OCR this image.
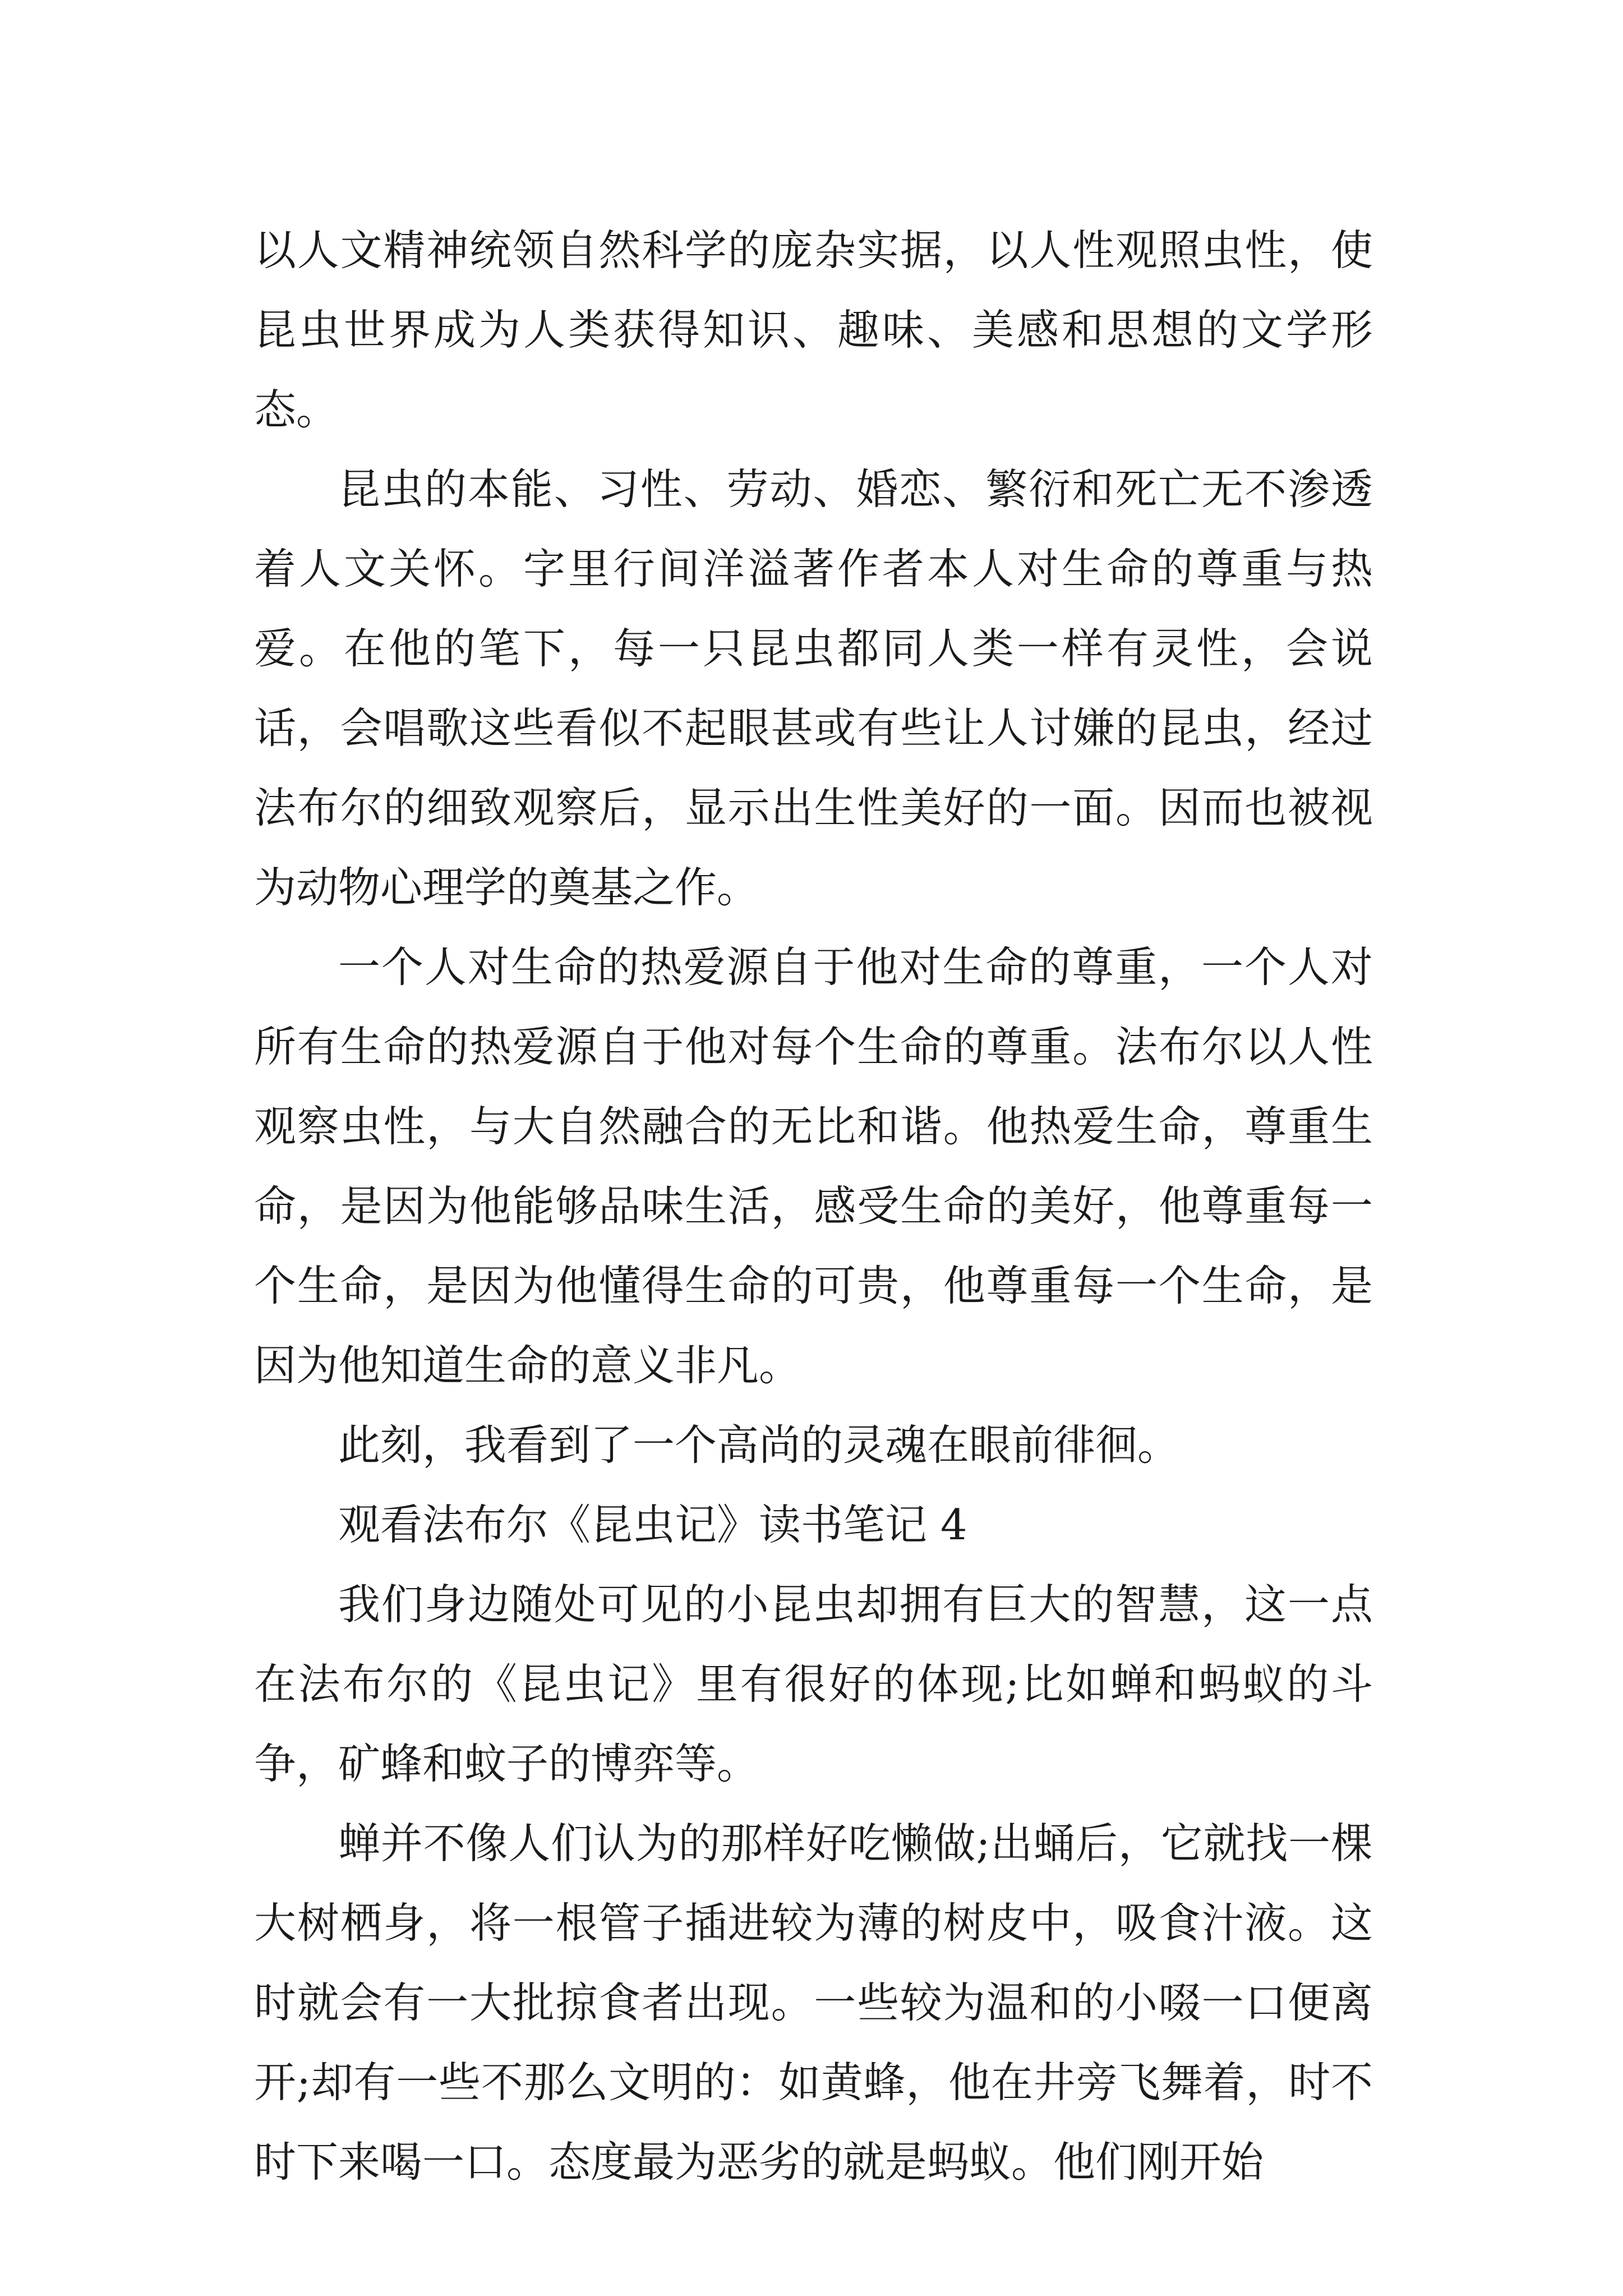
以人文精神统领自然科学的庞杂实据，以人性观照虫性，使昆虫世界成为人类获得知识、趣味、美感和思想的文学形态。

昆虫的本能、习性、劳动、婚恋、繁衍和死亡无不渗透着人文关怀。字里行间洋溢著作者本人对生命的尊重与热爱。在他的笔下，每一只昆虫都同人类一样有灵性，会说话，会唱歌这些看似不起眼甚或有些让人讨嫌的昆虫，经过法布尔的细致观察后，显示出生性美好的一面。因而也被视为动物心理学的奠基之作。

一个人对生命的热爱源自于他对生命的尊重，一个人对所有生命的热爱源自于他对每个生命的尊重。法布尔以人性观察虫性，与大自然融合的无比和谐。他热爱生命，尊重生命，是因为他能够品味生活，感受生命的美好，他尊重每一个生命，是因为他懂得生命的可贵，他尊重每一个生命，是因为他知道生命的意义非凡。

此刻，我看到了一个高尚的灵魂在眼前徘徊。

观看法布尔《昆虫记》读书笔记 4

我们身边随处可见的小昆虫却拥有巨大的智慧，这一点在法布尔的《昆虫记》里有很好的体现;比如蝉和蚂蚁的斗争，矿蜂和蚊子的博弈等。

蝉并不像人们认为的那样好吃懒做;出蛹后，它就找一棵大树栖身，将一根管子插进较为薄的树皮中，吸食汁液。这时就会有一大批掠食者出现。一些较为温和的小啜一口便离开;却有一些不那么文明的：如黄蜂，他在井旁飞舞着，时不时下来喝一口。态度最为恶劣的就是蚂蚁。他们刚开始
